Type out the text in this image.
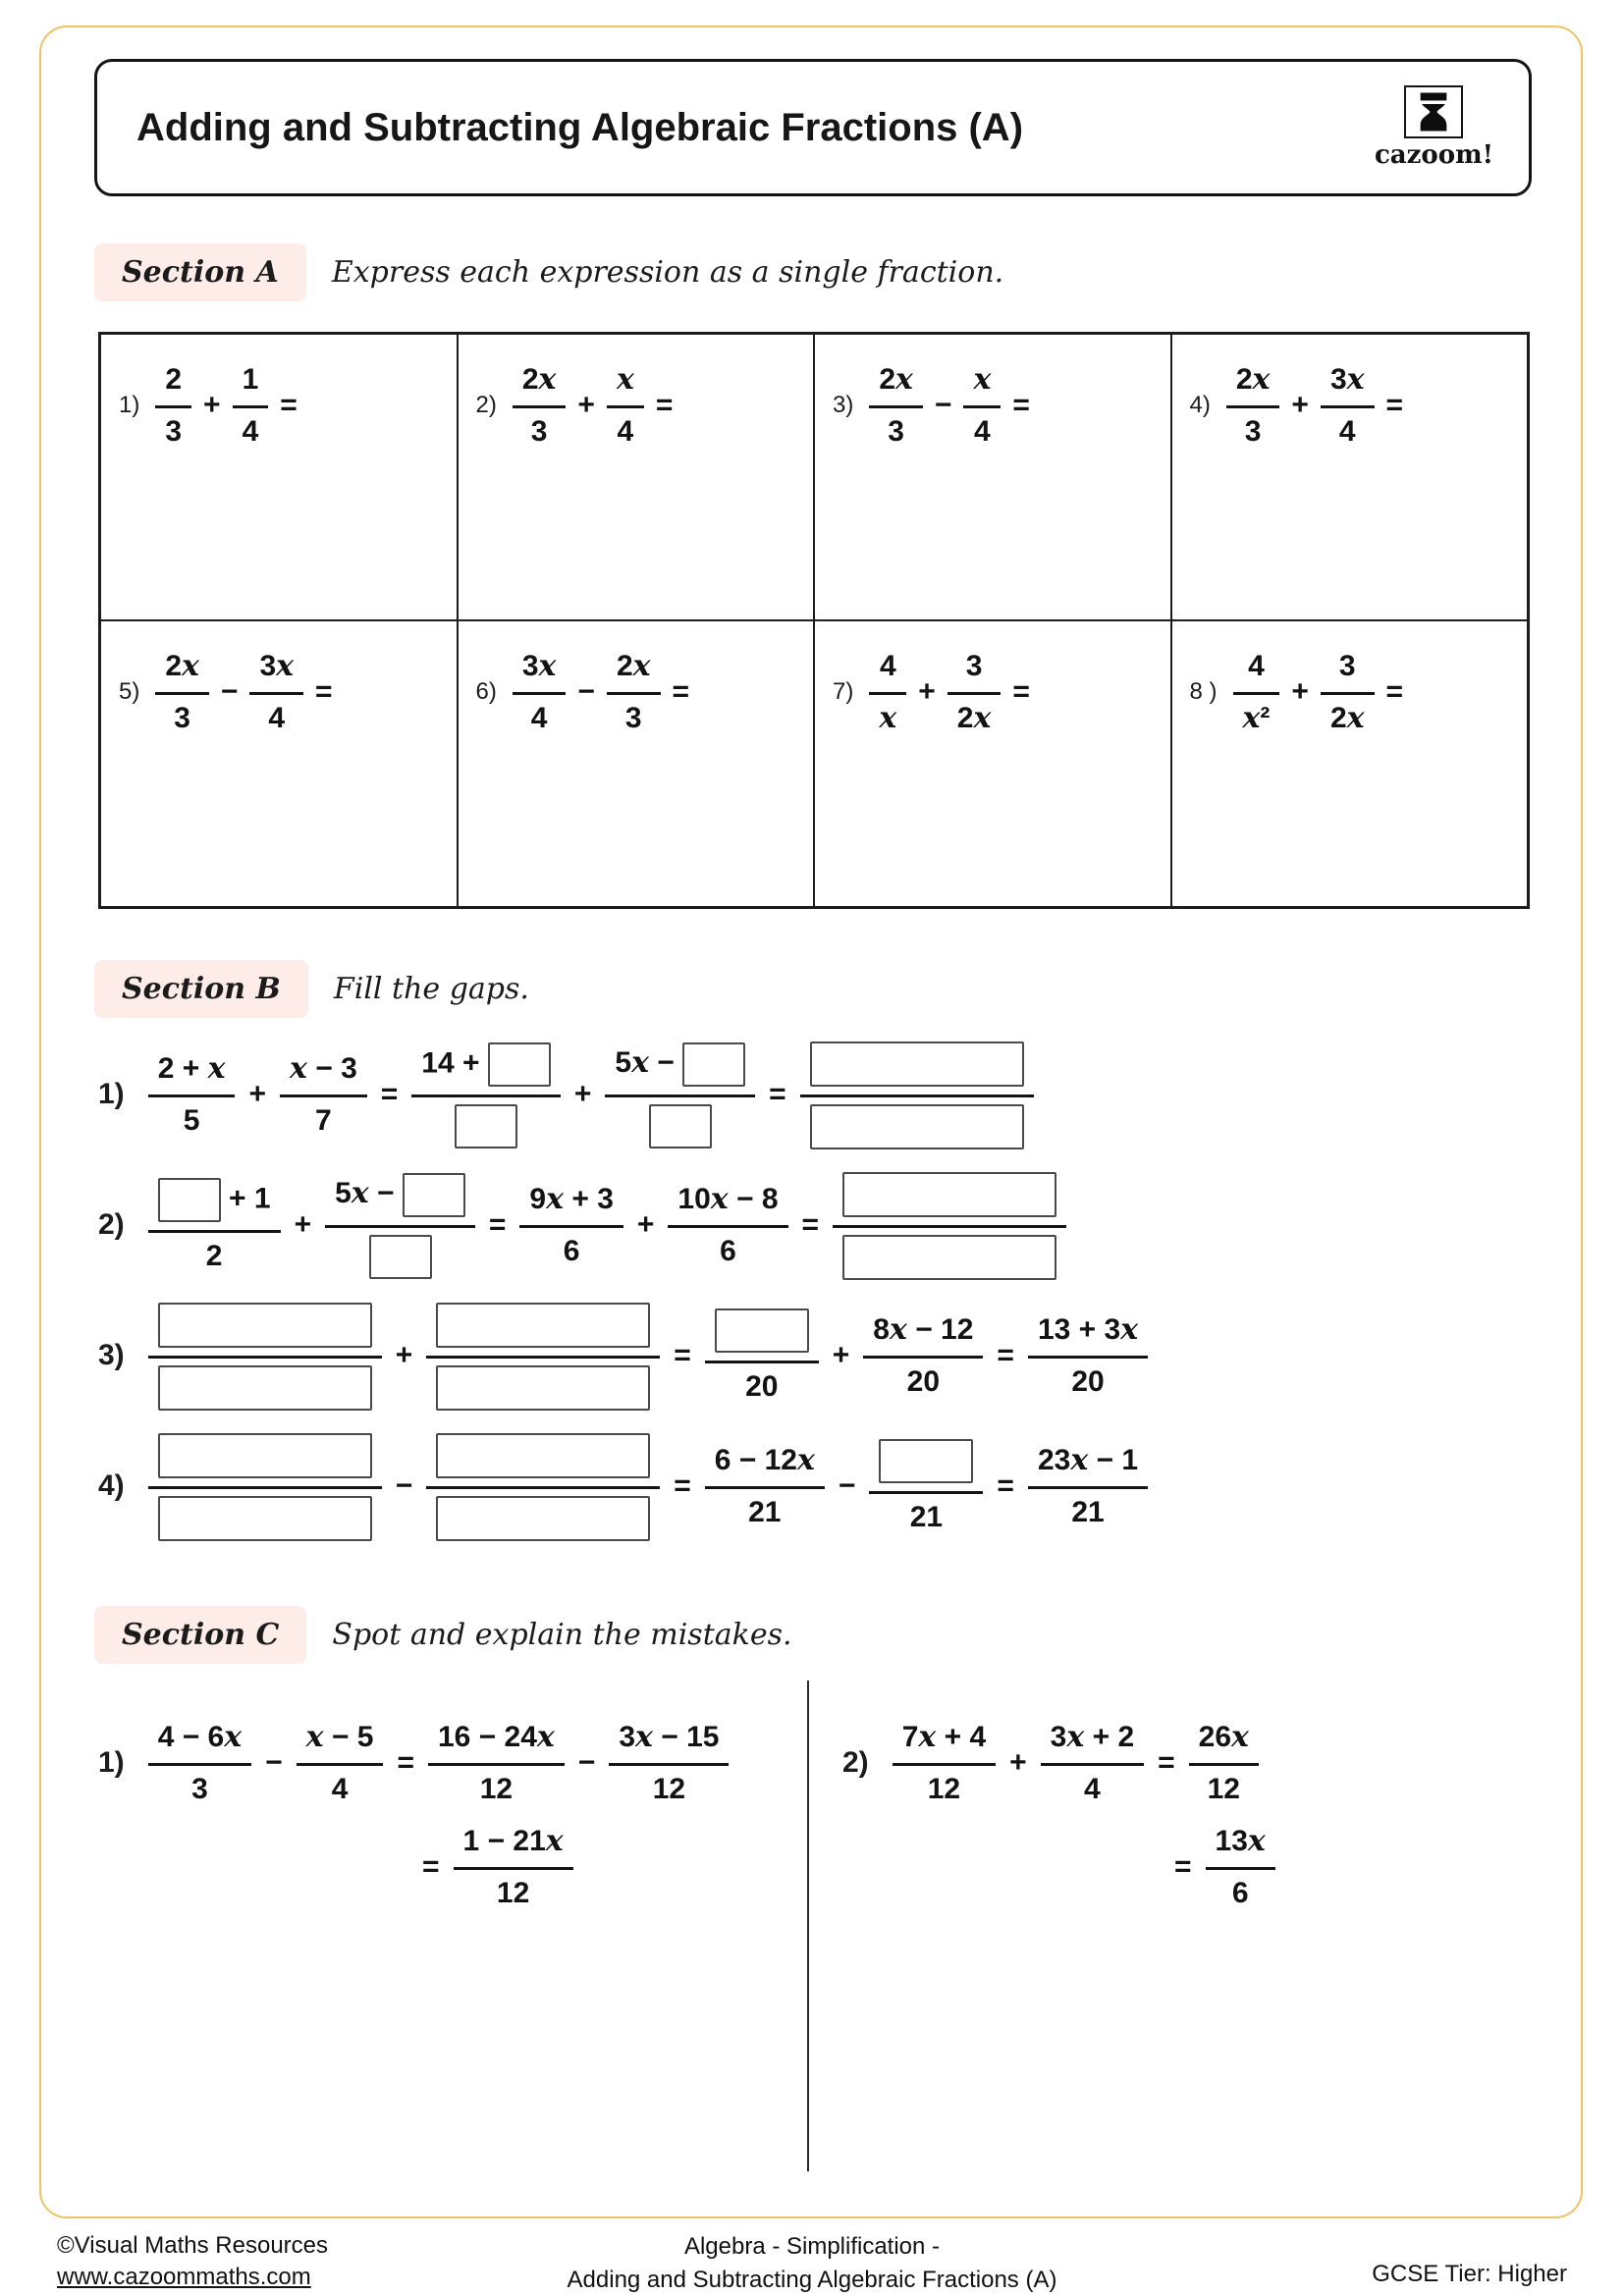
Adding and Subtracting Algebraic Fractions (A)
cazoom!
Section A	Express each expression as a single fraction.
$1) \frac{2}{3} + \frac{1}{4}$ =	$2) \frac{2x}{3} + \frac{x}{4}$ =	$3) \frac{2x}{3} - \frac{x}{4}$ =	$4) \frac{2x}{3} + \frac{3x}{4}$ =
$5) \frac{2x}{3} - \frac{3x}{4}$ =	$6) \frac{3x}{4} - \frac{2x}{3}$ =	$7) \frac{4}{x} + \frac{3}{2x}$ =	8 ) $\frac{4}{\text{x²}} + \frac{3}{2x}$ =
Section B	Fill the gaps.
$1) \frac{2 + x}{5} + \frac{x - 3}{7}$ =
14 +
+
5x −
=
$2) \frac{+ 1}{2}$ +
5x −
= $\frac{9x + 3}{6} + \frac{10x - 8}{6}$ =
3)	+	=
20
+ $\frac{8x - 12}{20} = \frac{13 + 3x}{20}$
4)	−	= $\frac{6 - 12x}{21}$ −
21
= $\frac{23x - 1}{21}$
Section C	Spot and explain the mistakes.
$1) \frac{4 - 6x}{3} - \frac{x - 5}{4} = \frac{16 - 24x}{12} - \frac{3x - 15}{12}$
= $\frac{1 - 21x}{12}$
$2) \frac{7x + 4}{12} + \frac{3x + 2}{4} = \frac{26x}{12}$
= $\frac{13x}{6}$
©Visual Maths Resources
www.cazoommaths.com
Algebra - Simplification -
Adding and Subtracting Algebraic Fractions (A)	GCSE Tier: Higher
